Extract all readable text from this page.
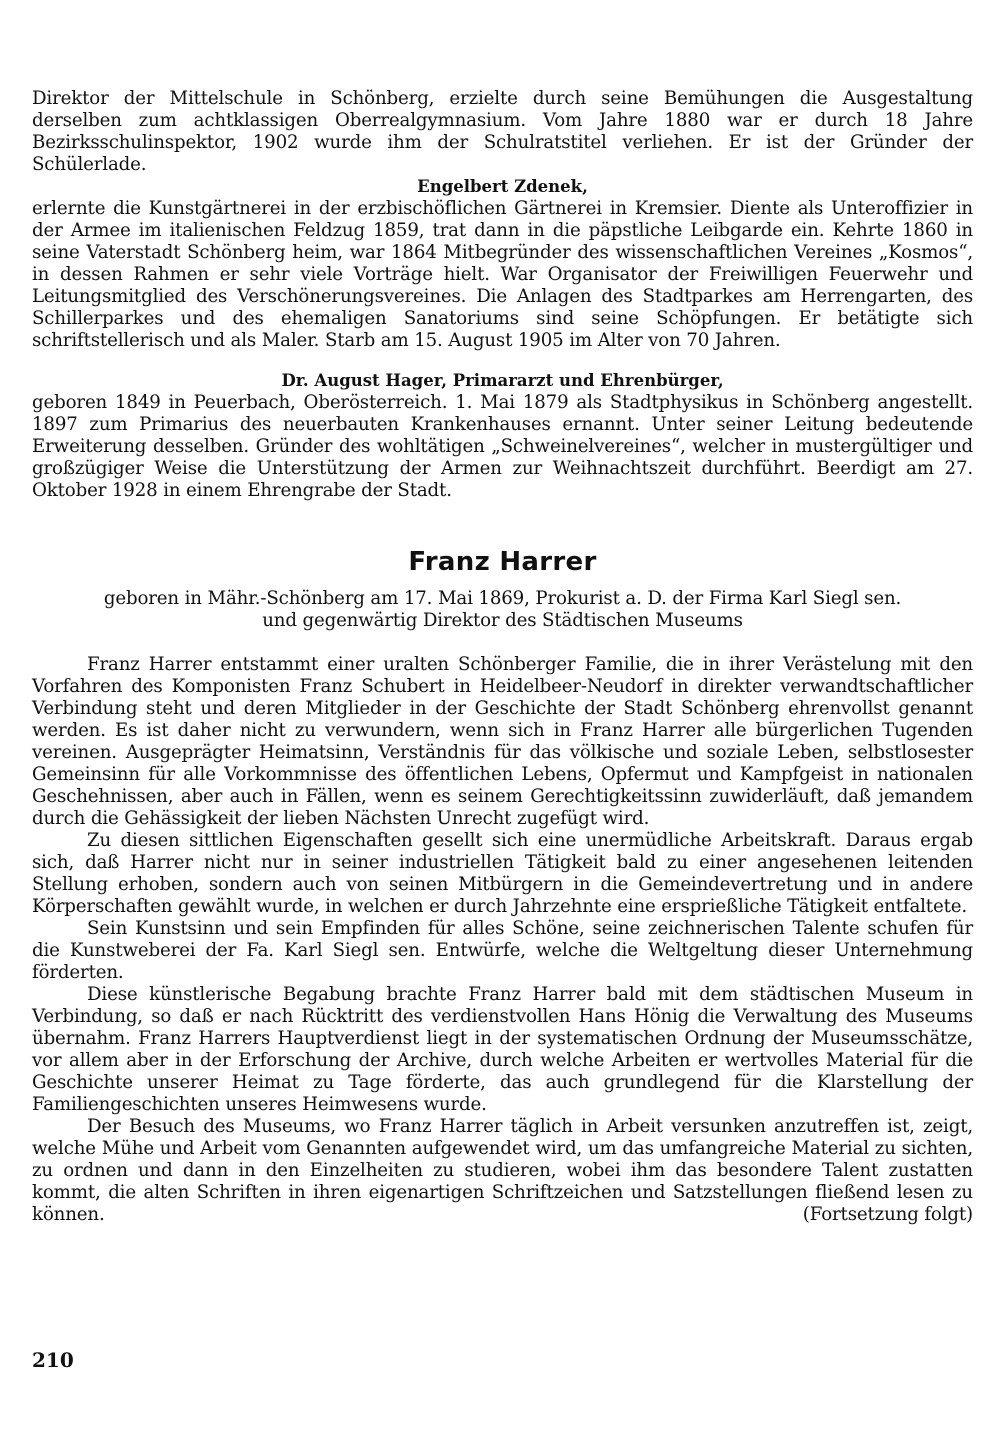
Direktor der Mittelschule in Schönberg, erzielte durch seine Bemühungen die Ausgestaltung derselben zum achtklassigen Oberrealgymnasium. Vom Jahre 1880 war er durch 18 Jahre Bezirksschulinspektor, 1902 wurde ihm der Schulratstitel verliehen. Er ist der Gründer der Schülerlade.

Engelbert Zdenek,

erlernte die Kunstgärtnerei in der erzbischöflichen Gärtnerei in Kremsier. Diente als Unteroffizier in der Armee im italienischen Feldzug 1859, trat dann in die päpstliche Leibgarde ein. Kehrte 1860 in seine Vaterstadt Schönberg heim, war 1864 Mitbegründer des wissenschaftlichen Vereines „Kosmos“, in dessen Rahmen er sehr viele Vorträge hielt. War Organisator der Freiwilligen Feuerwehr und Leitungsmitglied des Verschönerungsvereines. Die Anlagen des Stadtparkes am Herrengarten, des Schillerparkes und des ehemaligen Sanatoriums sind seine Schöpfungen. Er betätigte sich schriftstellerisch und als Maler. Starb am 15. August 1905 im Alter von 70 Jahren.

Dr. August Hager, Primararzt und Ehrenbürger,

geboren 1849 in Peuerbach, Oberösterreich. 1. Mai 1879 als Stadtphysikus in Schönberg angestellt. 1897 zum Primarius des neuerbauten Krankenhauses ernannt. Unter seiner Leitung bedeutende Erweiterung desselben. Gründer des wohltätigen „Schweinelvereines“, welcher in mustergültiger und großzügiger Weise die Unterstützung der Armen zur Weihnachtszeit durchführt. Beerdigt am 27. Oktober 1928 in einem Ehrengrabe der Stadt.

Franz Harrer

geboren in Mähr.-Schönberg am 17. Mai 1869, Prokurist a. D. der Firma Karl Siegl sen.

und gegenwärtig Direktor des Städtischen Museums

Franz Harrer entstammt einer uralten Schönberger Familie, die in ihrer Verästelung mit den Vorfahren des Komponisten Franz Schubert in Heidelbeer-Neudorf in direkter verwandtschaftlicher Verbindung steht und deren Mitglieder in der Geschichte der Stadt Schönberg ehrenvollst genannt werden. Es ist daher nicht zu verwundern, wenn sich in Franz Harrer alle bürgerlichen Tugenden vereinen. Ausgeprägter Heimatsinn, Verständnis für das völkische und soziale Leben, selbstlosester Gemeinsinn für alle Vorkommnisse des öffentlichen Lebens, Opfermut und Kampfgeist in nationalen Geschehnissen, aber auch in Fällen, wenn es seinem Gerechtigkeitssinn zuwiderläuft, daß jemandem durch die Gehässigkeit der lieben Nächsten Unrecht zugefügt wird.

Zu diesen sittlichen Eigenschaften gesellt sich eine unermüdliche Arbeitskraft. Daraus ergab sich, daß Harrer nicht nur in seiner industriellen Tätigkeit bald zu einer angesehenen leitenden Stellung erhoben, sondern auch von seinen Mitbürgern in die Gemeindevertretung und in andere Körperschaften gewählt wurde, in welchen er durch Jahrzehnte eine ersprießliche Tätigkeit entfaltete.

Sein Kunstsinn und sein Empfinden für alles Schöne, seine zeichnerischen Talente schufen für die Kunstweberei der Fa. Karl Siegl sen. Entwürfe, welche die Weltgeltung dieser Unternehmung förderten.

Diese künstlerische Begabung brachte Franz Harrer bald mit dem städtischen Museum in Verbindung, so daß er nach Rücktritt des verdienstvollen Hans Hönig die Verwaltung des Museums übernahm. Franz Harrers Hauptverdienst liegt in der systematischen Ordnung der Museumsschätze, vor allem aber in der Erforschung der Archive, durch welche Arbeiten er wertvolles Material für die Geschichte unserer Heimat zu Tage förderte, das auch grundlegend für die Klarstellung der Familiengeschichten unseres Heimwesens wurde.

Der Besuch des Museums, wo Franz Harrer täglich in Arbeit versunken anzutreffen ist, zeigt, welche Mühe und Arbeit vom Genannten aufgewendet wird, um das umfangreiche Material zu sichten, zu ordnen und dann in den Einzelheiten zu studieren, wobei ihm das besondere Talent zustatten kommt, die alten Schriften in ihren eigenartigen Schriftzeichen und Satzstellungen fließend lesen zu können.	(Fortsetzung folgt)

210
